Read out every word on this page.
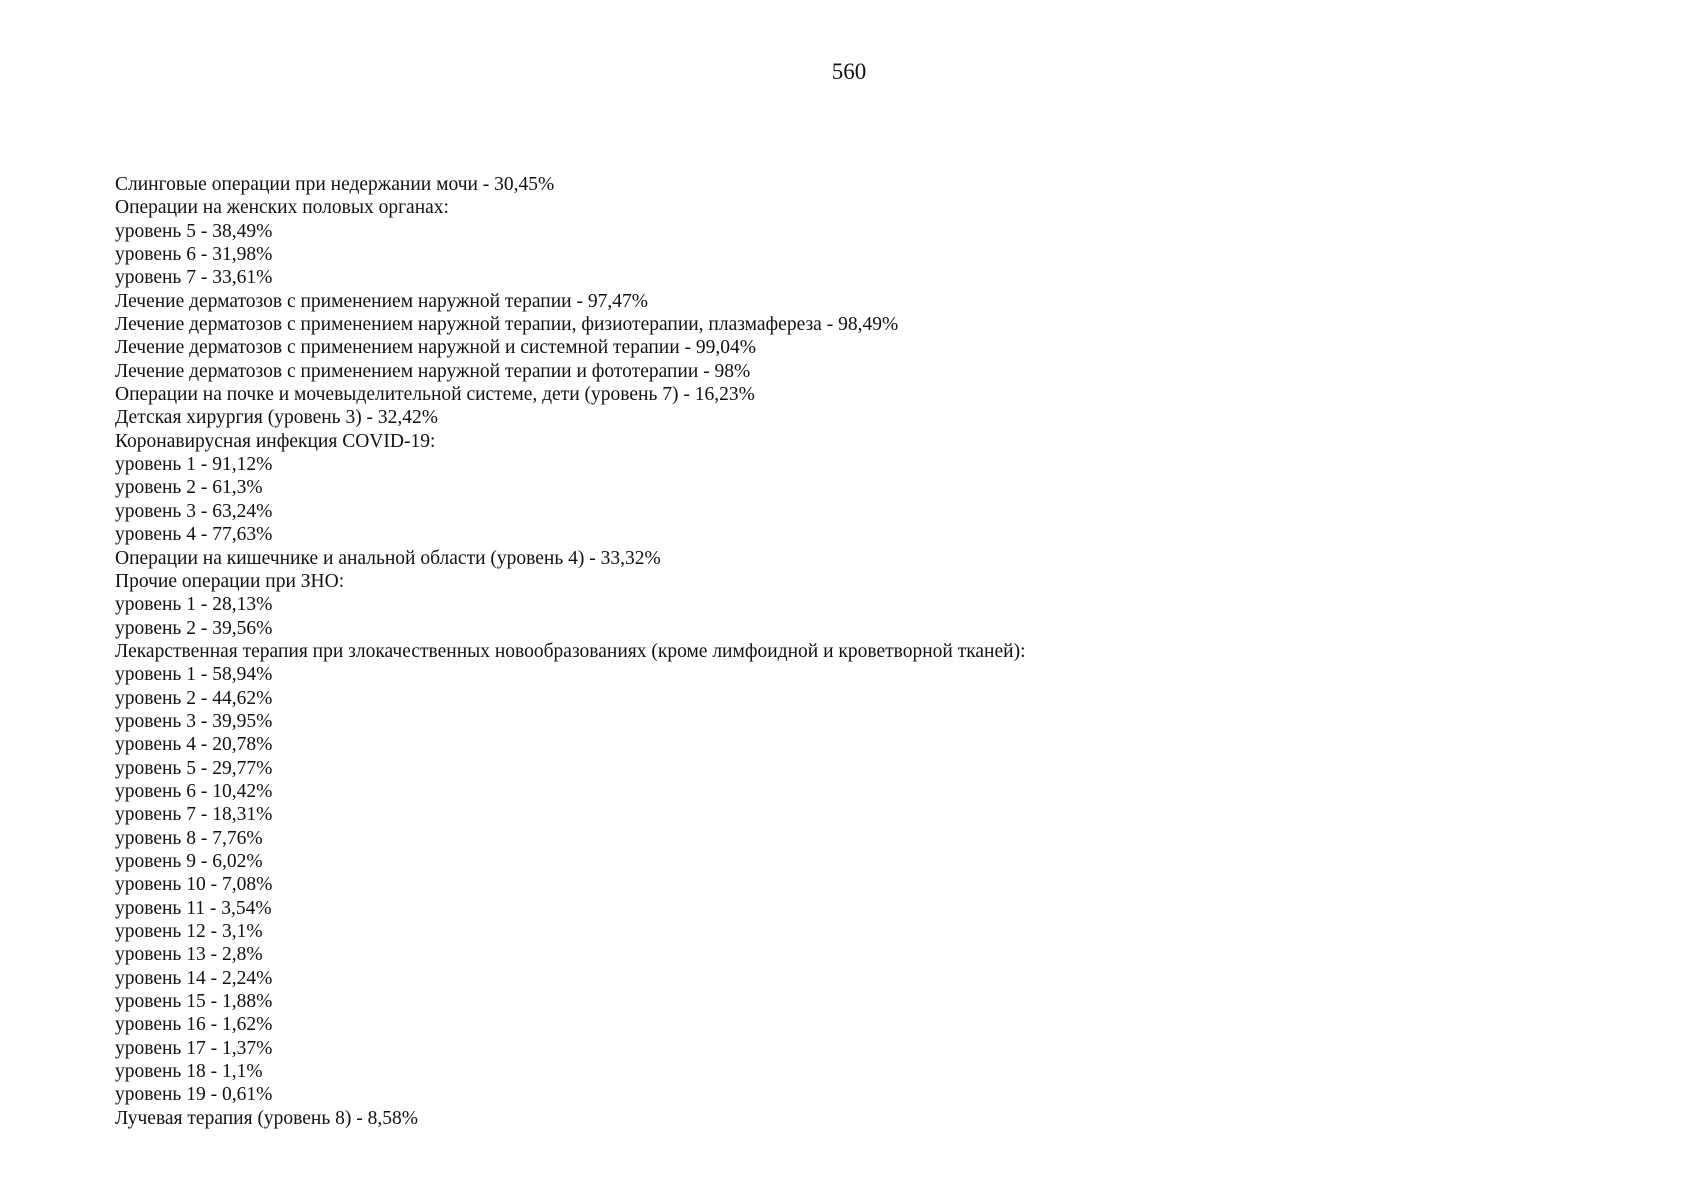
560
Слинговые операции при недержании мочи - 30,45%
Операции на женских половых органах:
уровень 5 - 38,49%
уровень 6 - 31,98%
уровень 7 - 33,61%
Лечение дерматозов с применением наружной терапии - 97,47%
Лечение дерматозов с применением наружной терапии, физиотерапии, плазмафереза - 98,49%
Лечение дерматозов с применением наружной и системной терапии - 99,04%
Лечение дерматозов с применением наружной терапии и фототерапии - 98%
Операции на почке и мочевыделительной системе, дети (уровень 7) - 16,23%
Детская хирургия (уровень 3) - 32,42%
Коронавирусная инфекция COVID-19:
уровень 1 - 91,12%
уровень 2 - 61,3%
уровень 3 - 63,24%
уровень 4 - 77,63%
Операции на кишечнике и анальной области (уровень 4) - 33,32%
Прочие операции при ЗНО:
уровень 1 - 28,13%
уровень 2 - 39,56%
Лекарственная терапия при злокачественных новообразованиях (кроме лимфоидной и кроветворной тканей):
уровень 1 - 58,94%
уровень 2 - 44,62%
уровень 3 - 39,95%
уровень 4 - 20,78%
уровень 5 - 29,77%
уровень 6 - 10,42%
уровень 7 - 18,31%
уровень 8 - 7,76%
уровень 9 - 6,02%
уровень 10 - 7,08%
уровень 11 - 3,54%
уровень 12 - 3,1%
уровень 13 - 2,8%
уровень 14 - 2,24%
уровень 15 - 1,88%
уровень 16 - 1,62%
уровень 17 - 1,37%
уровень 18 - 1,1%
уровень 19 - 0,61%
Лучевая терапия (уровень 8) - 8,58%
